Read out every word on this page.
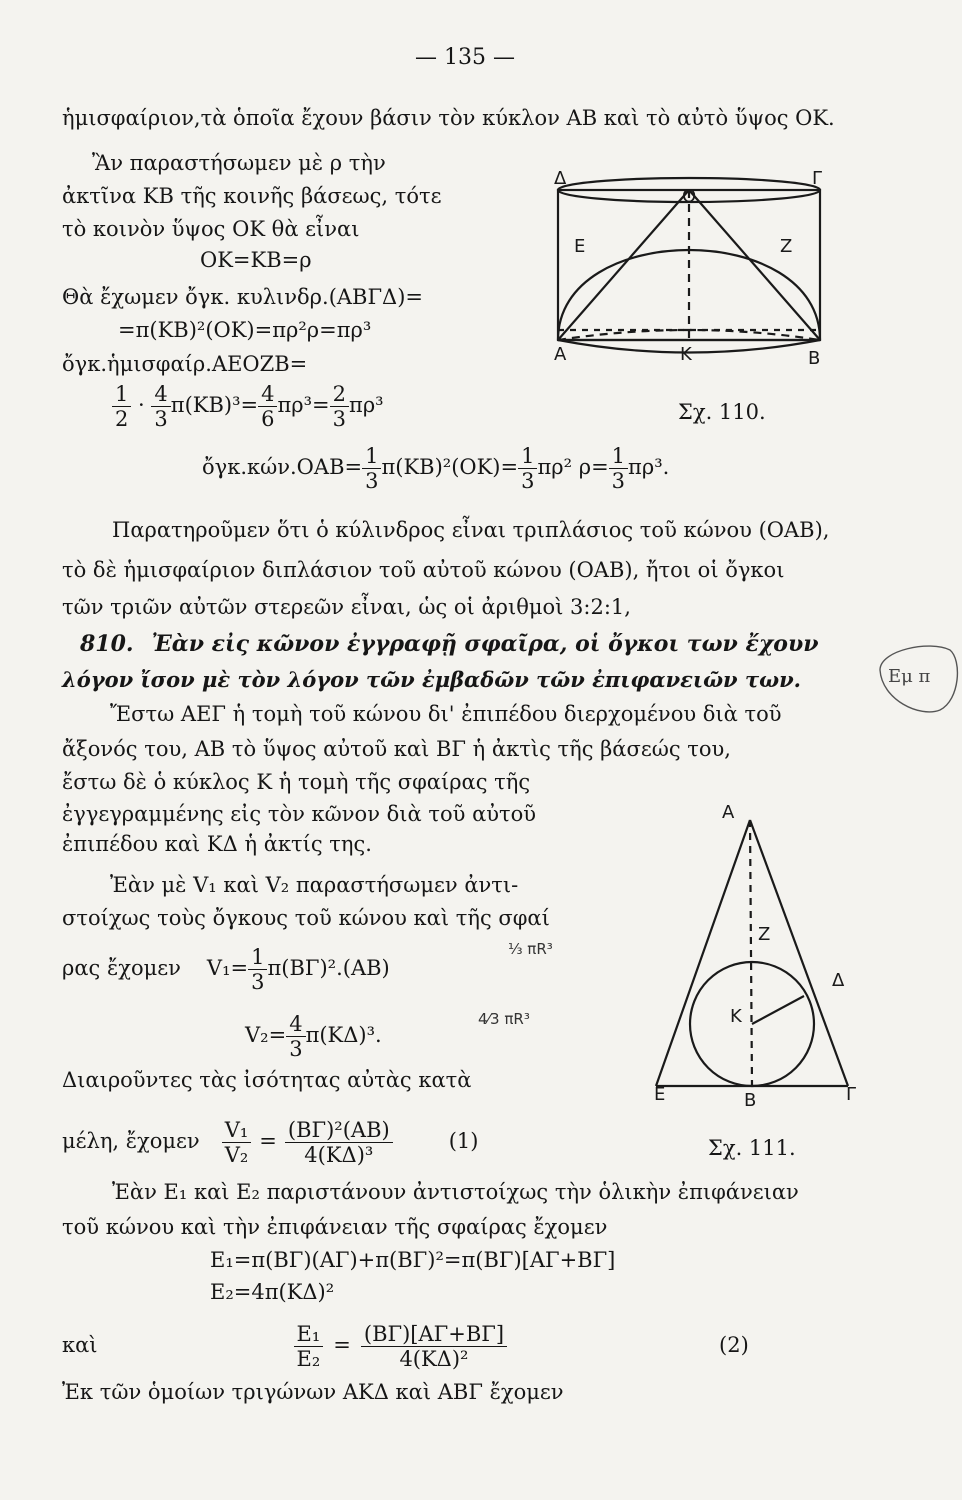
— 135 —
ἡμισφαίριον,τὰ ὁποῖα ἔχουν βάσιν τὸν κύκλον ΑΒ καὶ τὸ αὐτὸ ὕψος ΟΚ.
Ἂν παραστήσωμεν μὲ ρ τὴν
ἀκτῖνα ΚΒ τῆς κοινῆς βάσεως, τότε
τὸ κοινὸν ὕψος ΟΚ θὰ εἶναι
ΟΚ=ΚΒ=ρ
Θὰ ἔχωμεν ὄγκ. κυλινδρ.(ΑΒΓΔ)=
=π(ΚΒ)²(ΟΚ)=πρ²ρ=πρ³
ὄγκ.ἡμισφαίρ.ΑΕΟΖΒ=
$\frac{1}{2} \cdot \frac{4}{3} \pi(KB)^3= \frac{4}{6} \pi\rho^3= \frac{2}{3} \pi\rho^3$	Σχ. 110.
ὄγκ.κών.ΟΑΒ= $\frac{1}{3} \pi(KB)^2(OK)= \frac{1}{3} \pi\rho^2$ $\rho= \frac{1}{3} \pi\rho^3$.
Δ
Ο
Γ
Ε	Ζ
Α	Κ	Β
Παρατηροῦμεν ὅτι ὁ κύλινδρος εἶναι τριπλάσιος τοῦ κώνου (ΟΑΒ),
τὸ δὲ ἡμισφαίριον διπλάσιον τοῦ αὐτοῦ κώνου (ΟΑΒ), ἤτοι οἱ ὄγκοι
τῶν τριῶν αὐτῶν στερεῶν εἶναι, ὡς οἱ ἀριθμοὶ 3:2:1,
810. Ἐὰν εἰς κῶνον ἐγγραφῇ σφαῖρα, οἱ ὄγκοι των ἔχουν
λόγον ἴσον μὲ τὸν λόγον τῶν ἐμβαδῶν τῶν ἐπιφανειῶν των.	Εμ π
Ἔστω ΑΕΓ ἡ τομὴ τοῦ κώνου δι' ἐπιπέδου διερχομένου διὰ τοῦ
ἄξονός του, ΑΒ τὸ ὕψος αὐτοῦ καὶ ΒΓ ἡ ἀκτὶς τῆς βάσεώς του,
ἔστω δὲ ὁ κύκλος Κ ἡ τομὴ τῆς σφαίρας τῆς
ἐγγεγραμμένης εἰς τὸν κῶνον διὰ τοῦ αὐτοῦ
ἐπιπέδου καὶ ΚΔ ἡ ἀκτίς της.
Ἐὰν μὲ V₁ καὶ V₂ παραστήσωμεν ἀντι-
στοίχως τοὺς ὄγκους τοῦ κώνου καὶ τῆς σφαί
ρας ἔχομεν $V_1= \frac{1}{3} \pi(B\Gamma)^2.(AB)$
$V_2= \frac{4}{3} \pi(K\Delta)^3$.
⅓ πR³
4⁄3 πR³
Διαιροῦντες τὰς ἰσότητας αὐτὰς κατὰ
μέλη, ἔχομεν $\frac{\text{V₁}}{\text{V₂}} = \frac{\text{(ΒΓ)²(ΑΒ)}}{\text{4(ΚΔ)³}}$	(1)
Α
Ζ
Δ
Κ
Ε	Β	Γ
Σχ. 111.
Ἐὰν Ε₁ καὶ Ε₂ παριστάνουν ἀντιστοίχως τὴν ὁλικὴν ἐπιφάνειαν
τοῦ κώνου καὶ τὴν ἐπιφάνειαν τῆς σφαίρας ἔχομεν
Ε₁=π(ΒΓ)(ΑΓ)+π(ΒΓ)²=π(ΒΓ)[ΑΓ+ΒΓ]
Ε₂=4π(ΚΔ)²
καὶ	$\frac{\text{Ε₁}}{\text{Ε₂}} = \frac{(B\Gamma)[A\Gamma+B\Gamma]}{\text{4(ΚΔ)²}}$	(2)
Ἐκ τῶν ὁμοίων τριγώνων ΑΚΔ καὶ ΑΒΓ ἔχομεν
